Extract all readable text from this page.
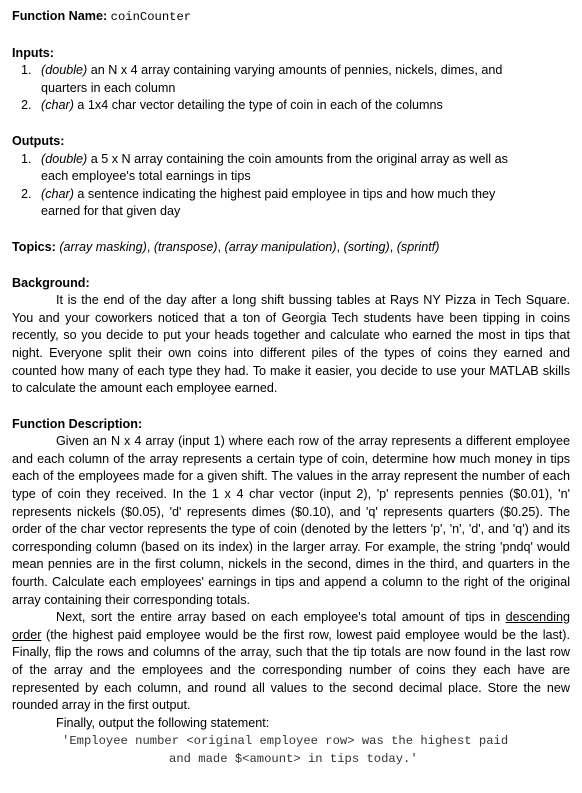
Function Name: coinCounter
Inputs:
1. (double) an N x 4 array containing varying amounts of pennies, nickels, dimes, and
quarters in each column
2. (char) a 1x4 char vector detailing the type of coin in each of the columns
Outputs:
1. (double) a 5 x N array containing the coin amounts from the original array as well as
each employee's total earnings in tips
2. (char) a sentence indicating the highest paid employee in tips and how much they
earned for that given day
Topics: (array masking), (transpose), (array manipulation), (sorting), (sprintf)
Background:
It is the end of the day after a long shift bussing tables at Rays NY Pizza in Tech Square. You and your coworkers noticed that a ton of Georgia Tech students have been tipping in coins recently, so you decide to put your heads together and calculate who earned the most in tips that night. Everyone split their own coins into different piles of the types of coins they earned and counted how many of each type they had. To make it easier, you decide to use your MATLAB skills to calculate the amount each employee earned.
Function Description:
Given an N x 4 array (input 1) where each row of the array represents a different employee and each column of the array represents a certain type of coin, determine how much money in tips each of the employees made for a given shift. The values in the array represent the number of each type of coin they received. In the 1 x 4 char vector (input 2), 'p' represents pennies ($0.01), 'n' represents nickels ($0.05), 'd' represents dimes ($0.10), and 'q' represents quarters ($0.25). The order of the char vector represents the type of coin (denoted by the letters 'p', 'n', 'd', and 'q') and its corresponding column (based on its index) in the larger array. For example, the string 'pndq' would mean pennies are in the first column, nickels in the second, dimes in the third, and quarters in the fourth. Calculate each employees' earnings in tips and append a column to the right of the original array containing their corresponding totals.
Next, sort the entire array based on each employee's total amount of tips in descending order (the highest paid employee would be the first row, lowest paid employee would be the last). Finally, flip the rows and columns of the array, such that the tip totals are now found in the last row of the array and the employees and the corresponding number of coins they each have are represented by each column, and round all values to the second decimal place. Store the new rounded array in the first output.
Finally, output the following statement:
'Employee number <original employee row> was the highest paid
and made $<amount> in tips today.'
